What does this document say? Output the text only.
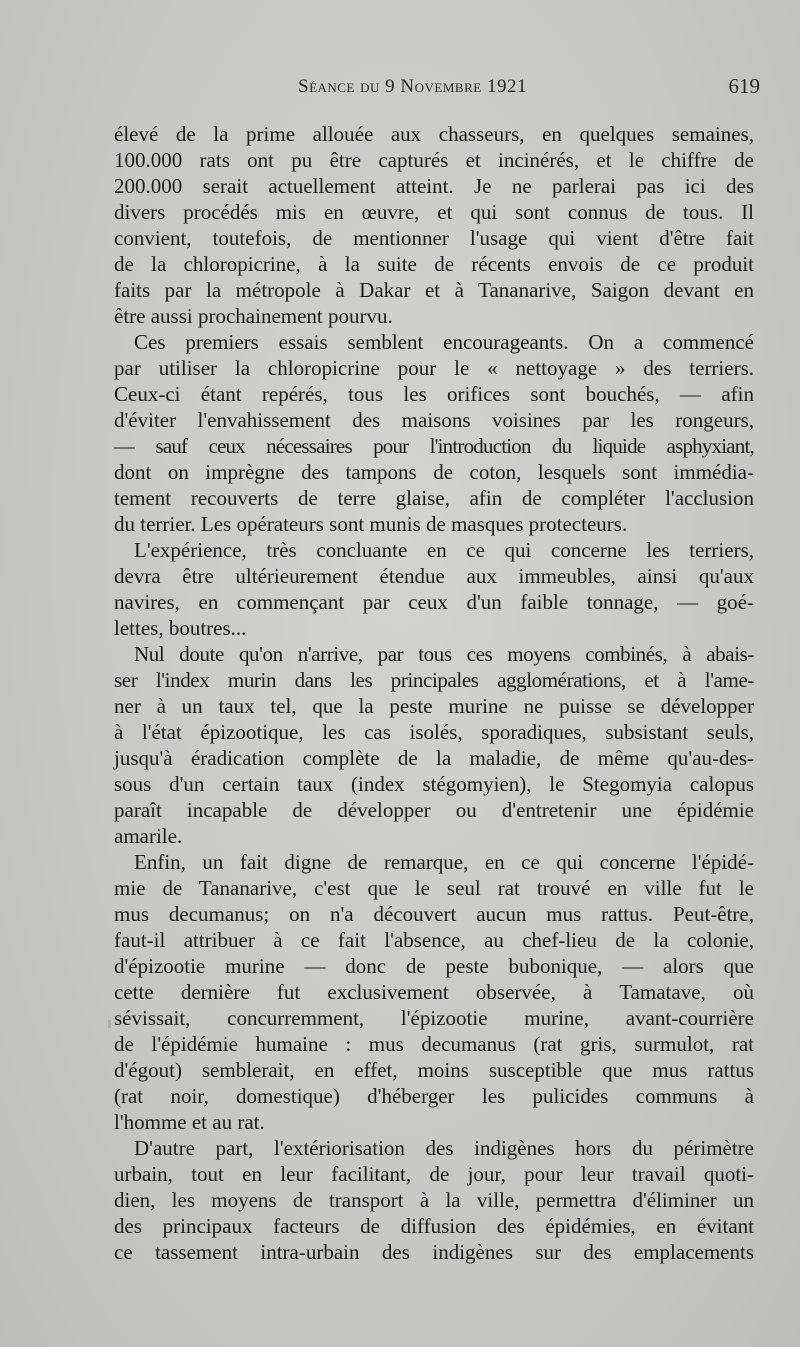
Séance du 9 Novembre 1921	619
élevé de la prime allouée aux chasseurs, en quelques semaines,
100.000 rats ont pu être capturés et incinérés, et le chiffre de
200.000 serait actuellement atteint. Je ne parlerai pas ici des
divers procédés mis en œuvre, et qui sont connus de tous. Il
convient, toutefois, de mentionner l'usage qui vient d'être fait
de la chloropicrine, à la suite de récents envois de ce produit
faits par la métropole à Dakar et à Tananarive, Saigon devant en
être aussi prochainement pourvu.
Ces premiers essais semblent encourageants. On a commencé
par utiliser la chloropicrine pour le « nettoyage » des terriers.
Ceux-ci étant repérés, tous les orifices sont bouchés, — afin
d'éviter l'envahissement des maisons voisines par les rongeurs,
— sauf ceux nécessaires pour l'introduction du liquide asphyxiant,
dont on imprègne des tampons de coton, lesquels sont immédia-
tement recouverts de terre glaise, afin de compléter l'acclusion
du terrier. Les opérateurs sont munis de masques protecteurs.
L'expérience, très concluante en ce qui concerne les terriers,
devra être ultérieurement étendue aux immeubles, ainsi qu'aux
navires, en commençant par ceux d'un faible tonnage, — goé-
lettes, boutres...
Nul doute qu'on n'arrive, par tous ces moyens combinés, à abais-
ser l'index murin dans les principales agglomérations, et à l'ame-
ner à un taux tel, que la peste murine ne puisse se développer
à l'état épizootique, les cas isolés, sporadiques, subsistant seuls,
jusqu'à éradication complète de la maladie, de même qu'au-des-
sous d'un certain taux (index stégomyien), le Stegomyia calopus
paraît incapable de développer ou d'entretenir une épidémie
amarile.
Enfin, un fait digne de remarque, en ce qui concerne l'épidé-
mie de Tananarive, c'est que le seul rat trouvé en ville fut le
mus decumanus; on n'a découvert aucun mus rattus. Peut-être,
faut-il attribuer à ce fait l'absence, au chef-lieu de la colonie,
d'épizootie murine — donc de peste bubonique, — alors que
cette dernière fut exclusivement observée, à Tamatave, où
sévissait, concurremment, l'épizootie murine, avant-courrière
de l'épidémie humaine : mus decumanus (rat gris, surmulot, rat
d'égout) semblerait, en effet, moins susceptible que mus rattus
(rat noir, domestique) d'héberger les pulicides communs à
l'homme et au rat.
D'autre part, l'extériorisation des indigènes hors du périmètre
urbain, tout en leur facilitant, de jour, pour leur travail quoti-
dien, les moyens de transport à la ville, permettra d'éliminer un
des principaux facteurs de diffusion des épidémies, en évitant
ce tassement intra-urbain des indigènes sur des emplacements
